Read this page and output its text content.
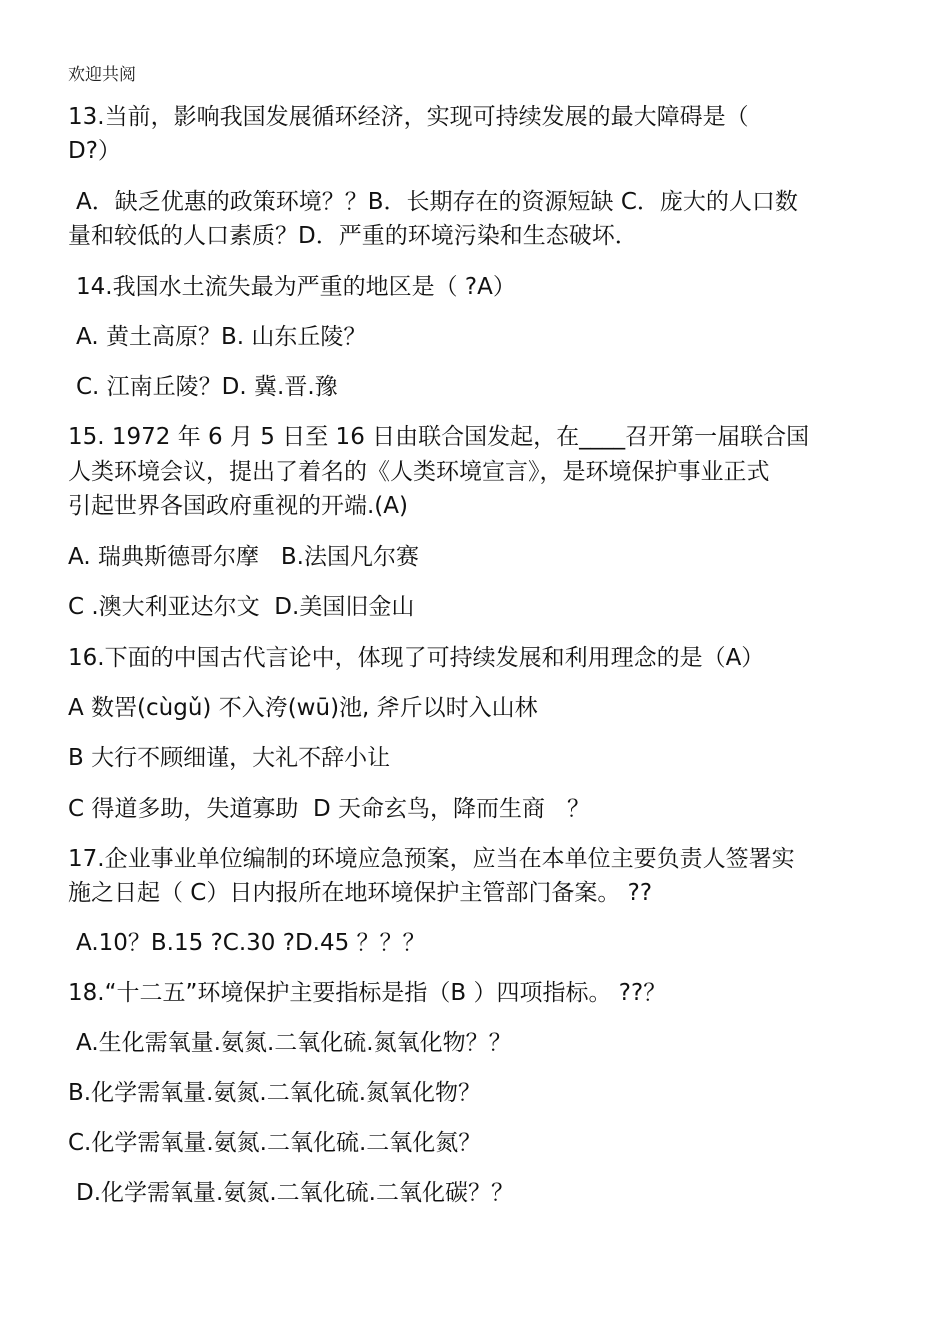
欢迎共阅
13.当前，影响我国发展循环经济，实现可持续发展的最大障碍是（
D?）
A．缺乏优惠的政策环境？？B．长期存在的资源短缺 C．庞大的人口数
量和较低的人口素质？D．严重的环境污染和生态破坏．
14.我国水土流失最为严重的地区是（ ?A）
A. 黄土高原？B. 山东丘陵？
C. 江南丘陵？D. 冀.晋.豫
15. 1972 年 6 月 5 日至 16 日由联合国发起，在____召开第一届联合国
人类环境会议，提出了着名的《人类环境宣言》，是环境保护事业正式
引起世界各国政府重视的开端.(A)
A. 瑞典斯德哥尔摩   B.法国凡尔赛
C .澳大利亚达尔文  D.美国旧金山
16.下面的中国古代言论中，体现了可持续发展和利用理念的是（A）
A 数罟(cùgǔ) 不入洿(wū)池, 斧斤以时入山林
B 大行不顾细谨，大礼不辞小让
C 得道多助，失道寡助  D 天命玄鸟，降而生商   ？
17.企业事业单位编制的环境应急预案，应当在本单位主要负责人签署实
施之日起（ C）日内报所在地环境保护主管部门备案。 ??
A.10？B.15 ?C.30 ?D.45 ？？？
18.“十二五”环境保护主要指标是指（B ）四项指标。 ??？
A.生化需氧量.氨氮.二氧化硫.氮氧化物？？
B.化学需氧量.氨氮.二氧化硫.氮氧化物？
C.化学需氧量.氨氮.二氧化硫.二氧化氮？
D.化学需氧量.氨氮.二氧化硫.二氧化碳？？
